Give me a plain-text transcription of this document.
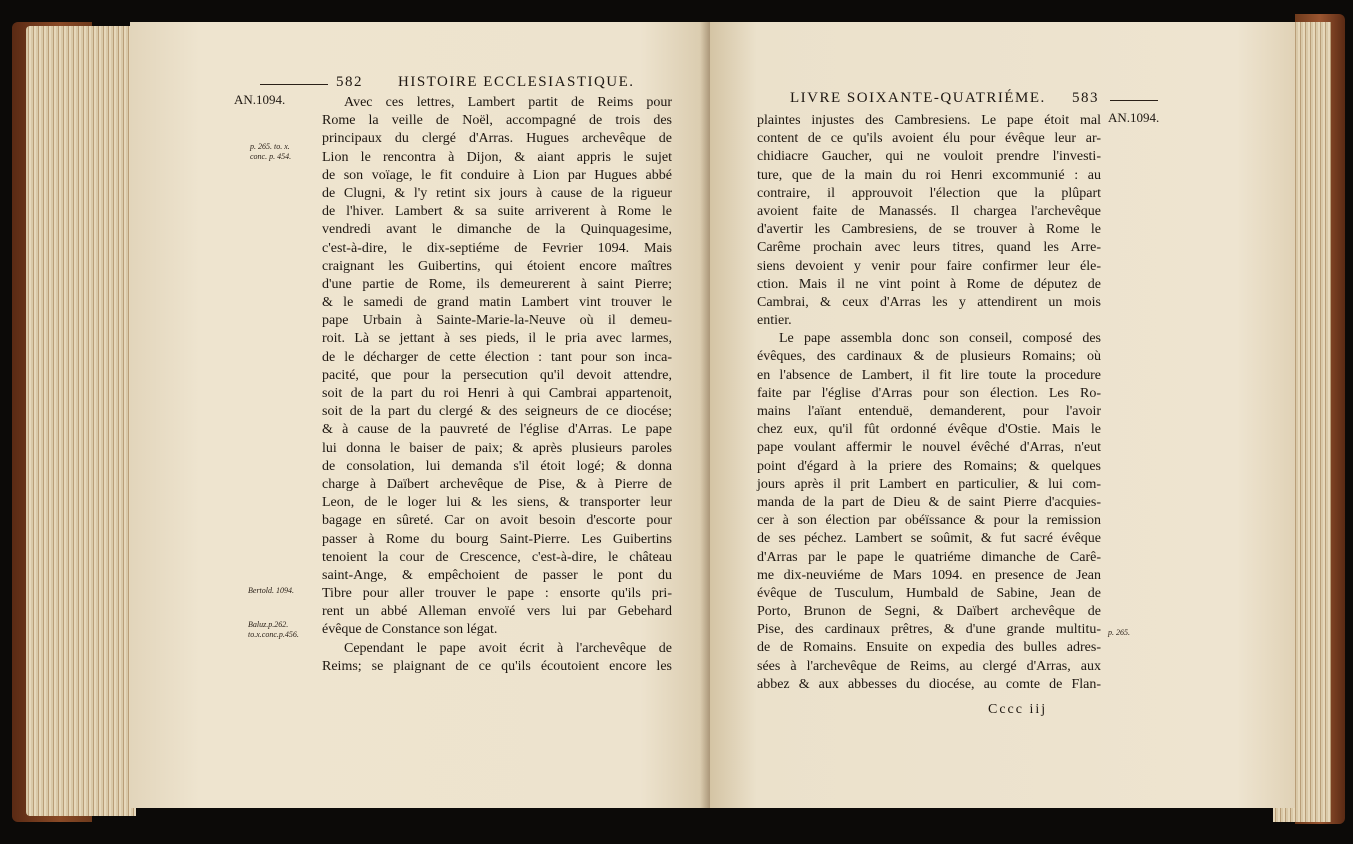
582 HISTOIRE ECCLESIASTIQUE.
AN.1094.
p. 265. to. x.
conc. p. 454.
Bertold. 1094.
Baluz.p.262.
to.x.conc.p.456.
Avec ces lettres, Lambert partit de Reims pour
Rome la veille de Noël, accompagné de trois des
principaux du clergé d'Arras. Hugues archevêque de
Lion le rencontra à Dijon, & aiant appris le sujet
de son voïage, le fit conduire à Lion par Hugues abbé
de Clugni, & l'y retint six jours à cause de la rigueur
de l'hiver. Lambert & sa suite arriverent à Rome le
vendredi avant le dimanche de la Quinquagesime,
c'est-à-dire, le dix-septiéme de Fevrier 1094. Mais
craignant les Guibertins, qui étoient encore maîtres
d'une partie de Rome, ils demeurerent à saint Pierre;
& le samedi de grand matin Lambert vint trouver le
pape Urbain à Sainte-Marie-la-Neuve où il demeu-
roit. Là se jettant à ses pieds, il le pria avec larmes,
de le décharger de cette élection : tant pour son inca-
pacité, que pour la persecution qu'il devoit attendre,
soit de la part du roi Henri à qui Cambrai appartenoit,
soit de la part du clergé & des seigneurs de ce diocése;
& à cause de la pauvreté de l'église d'Arras. Le pape
lui donna le baiser de paix; & après plusieurs paroles
de consolation, lui demanda s'il étoit logé; & donna
charge à Daïbert archevêque de Pise, & à Pierre de
Leon, de le loger lui & les siens, & transporter leur
bagage en sûreté. Car on avoit besoin d'escorte pour
passer à Rome du bourg Saint-Pierre. Les Guibertins
tenoient la cour de Crescence, c'est-à-dire, le château
saint-Ange, & empêchoient de passer le pont du
Tibre pour aller trouver le pape : ensorte qu'ils pri-
rent un abbé Alleman envoïé vers lui par Gebehard
évêque de Constance son légat.
Cependant le pape avoit écrit à l'archevêque de
Reims; se plaignant de ce qu'ils écoutoient encore les
LIVRE SOIXANTE-QUATRIÉME. 583
AN.1094.
p. 265.
plaintes injustes des Cambresiens. Le pape étoit mal
content de ce qu'ils avoient élu pour évêque leur ar-
chidiacre Gaucher, qui ne vouloit prendre l'investi-
ture, que de la main du roi Henri excommunié : au
contraire, il approuvoit l'élection que la plûpart
avoient faite de Manassés. Il chargea l'archevêque
d'avertir les Cambresiens, de se trouver à Rome le
Carême prochain avec leurs titres, quand les Arre-
siens devoient y venir pour faire confirmer leur éle-
ction. Mais il ne vint point à Rome de députez de
Cambrai, & ceux d'Arras les y attendirent un mois
entier.
Le pape assembla donc son conseil, composé des
évêques, des cardinaux & de plusieurs Romains; où
en l'absence de Lambert, il fit lire toute la procedure
faite par l'église d'Arras pour son élection. Les Ro-
mains l'aïant entenduë, demanderent, pour l'avoir
chez eux, qu'il fût ordonné évêque d'Ostie. Mais le
pape voulant affermir le nouvel évêché d'Arras, n'eut
point d'égard à la priere des Romains; & quelques
jours après il prit Lambert en particulier, & lui com-
manda de la part de Dieu & de saint Pierre d'acquies-
cer à son élection par obéïssance & pour la remission
de ses péchez. Lambert se soûmit, & fut sacré évêque
d'Arras par le pape le quatriéme dimanche de Carê-
me dix-neuviéme de Mars 1094. en presence de Jean
évêque de Tusculum, Humbald de Sabine, Jean de
Porto, Brunon de Segni, & Daïbert archevêque de
Pise, des cardinaux prêtres, & d'une grande multitu-
de de Romains. Ensuite on expedia des bulles adres-
sées à l'archevêque de Reims, au clergé d'Arras, aux
abbez & aux abbesses du diocése, au comte de Flan-
Cccc iij
